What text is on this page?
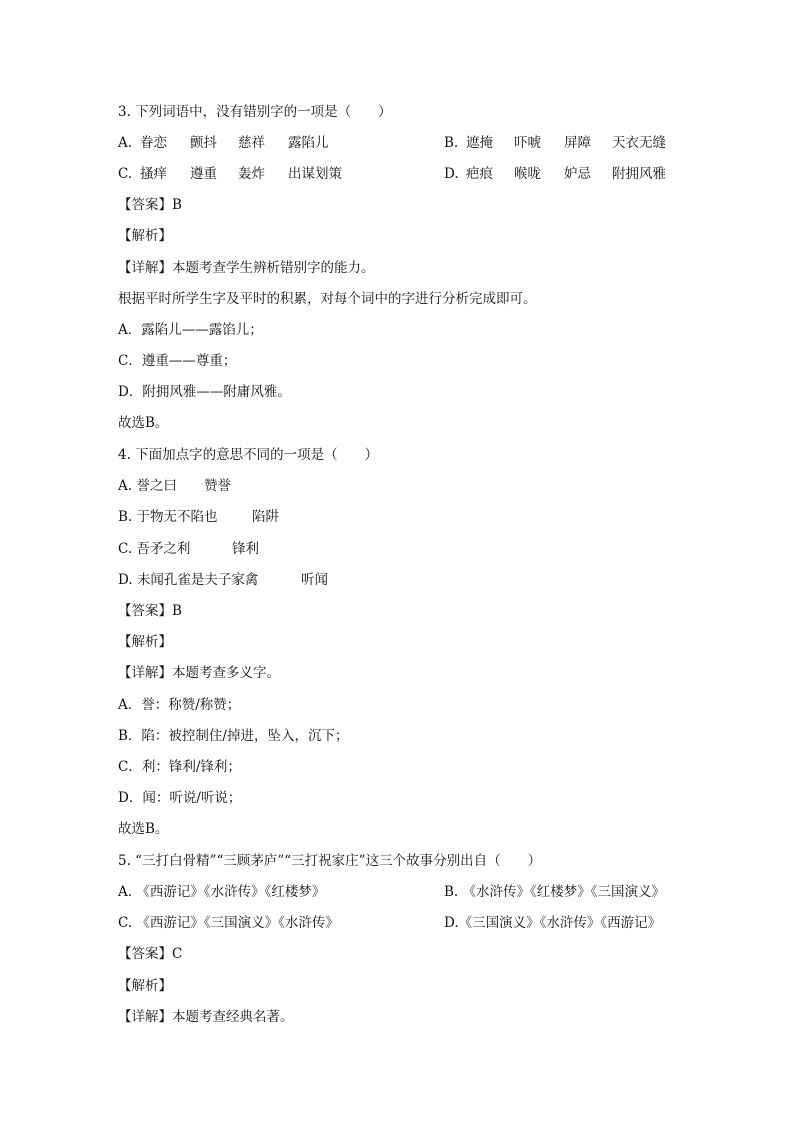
3. 下列词语中，没有错别字的一项是（　　）
A. 眷恋 颤抖 慈祥 露陷儿	B. 遮掩 吓唬 屏障 天衣无缝
C. 搔痒 遵重 轰炸 出谋划策	D. 疤痕 喉咙 妒忌 附拥风雅
【答案】B
【解析】
【详解】本题考查学生辨析错别字的能力。
根据平时所学生字及平时的积累，对每个词中的字进行分析完成即可。
A．露陷儿——露馅儿；
C．遵重——尊重；
D．附拥风雅——附庸风雅。
故选B。
4. 下面加点字的意思不同的一项是（　　）
A. 誉之曰 赞誉
B. 于物无不陷也	陷阱
C. 吾矛之利	锋利
D. 未闻孔雀是夫子家禽	听闻
【答案】B
【解析】
【详解】本题考查多义字。
A．誉：称赞/称赞；
B．陷：被控制住/掉进，坠入，沉下；
C．利：锋利/锋利；
D．闻：听说/听说；
故选B。
5. “三打白骨精”“三顾茅庐”“三打祝家庄”这三个故事分别出自（　　）
A. 《西游记》《水浒传》《红楼梦》	B. 《水浒传》《红楼梦》《三国演义》
C. 《西游记》《三国演义》《水浒传》	D.《三国演义》《水浒传》《西游记》
【答案】C
【解析】
【详解】本题考查经典名著。
